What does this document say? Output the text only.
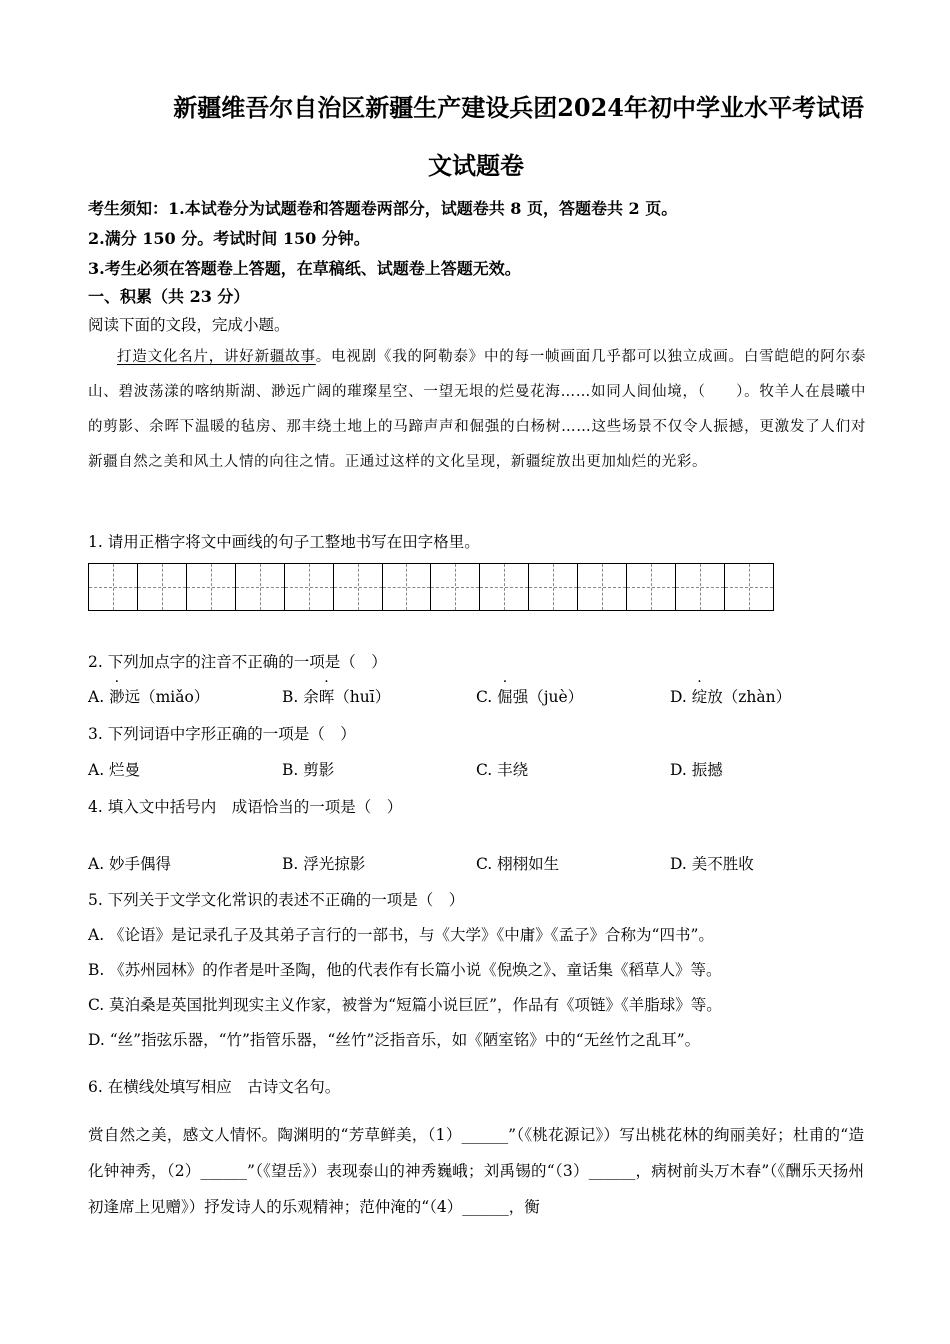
新疆维吾尔自治区新疆生产建设兵团2024年初中学业水平考试语
文试题卷
考生须知：1.本试卷分为试题卷和答题卷两部分，试题卷共 8 页，答题卷共 2 页。
2.满分 150 分。考试时间 150 分钟。
3.考生必须在答题卷上答题，在草稿纸、试题卷上答题无效。
一、积累（共 23 分）
阅读下面的文段，完成小题。

打造文化名片，讲好新疆故事。电视剧《我的阿勒泰》中的每一帧画面几乎都可以独立成画。白雪皑皑的阿尔泰山、碧波荡漾的喀纳斯湖、渺远广阔的璀璨星空、一望无垠的烂曼花海……如同人间仙境，（　　）。牧羊人在晨曦中的剪影、余晖下温暖的毡房、那丰绕土地上的马蹄声声和倔强的白杨树……这些场景不仅令人振撼，更激发了人们对新疆自然之美和风土人情的向往之情。正通过这样的文化呈现，新疆绽放出更加灿烂的光彩。

1. 请用正楷字将文中画线的句子工整地书写在田字格里。
2. 下列加点字的注音不正确的一项是（　）
A. 渺远（miǎo）	B. 余晖（huī）	C. 倔强（juè）	D. 绽放（zhàn）
3. 下列词语中字形正确的一项是（　）
A. 烂曼	B. 剪影	C. 丰绕	D. 振撼
4. 填入文中括号内　成语恰当的一项是（　）
A. 妙手偶得	B. 浮光掠影	C. 栩栩如生	D. 美不胜收
5. 下列关于文学文化常识的表述不正确的一项是（　）
A. 《论语》是记录孔子及其弟子言行的一部书，与《大学》《中庸》《孟子》合称为“四书”。
B. 《苏州园林》的作者是叶圣陶，他的代表作有长篇小说《倪焕之》、童话集《稻草人》等。
C. 莫泊桑是英国批判现实主义作家，被誉为“短篇小说巨匠”，作品有《项链》《羊脂球》等。
D. “丝”指弦乐器，“竹”指管乐器，“丝竹”泛指音乐，如《陋室铭》中的“无丝竹之乱耳”。
6. 在横线处填写相应　古诗文名句。
赏自然之美，感文人情怀。陶渊明的“芳草鲜美，（1）______”（《桃花源记》）写出桃花林的绚丽美好；杜甫的“造化钟神秀，（2）______”（《望岳》）表现泰山的神秀巍峨；刘禹锡的“（3）______，病树前头万木春”（《酬乐天扬州初逢席上见赠》）抒发诗人的乐观精神；范仲淹的“（4）______，衡
